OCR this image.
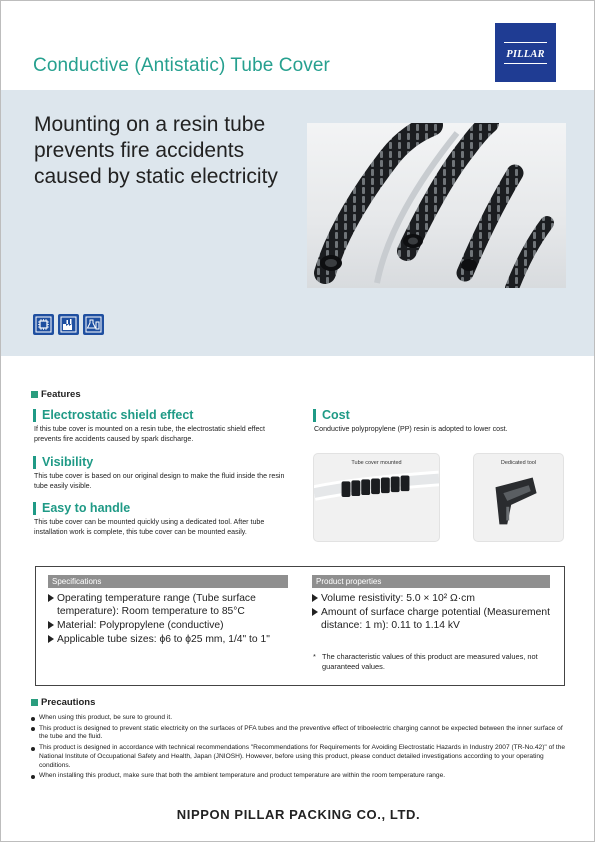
Conductive (Antistatic) Tube Cover
PILLAR
Mounting on a resin tube prevents fire accidents caused by static electricity
Features
Electrostatic shield effect
If this tube cover is mounted on a resin tube, the electrostatic shield effect prevents fire accidents caused by spark discharge.
Visibility
This tube cover is based on our original design to make the fluid inside the resin tube easily visible.
Easy to handle
This tube cover can be mounted quickly using a dedicated tool. After tube installation work is complete, this tube cover can be mounted easily.
Cost
Conductive polypropylene (PP) resin is adopted to lower cost.
Tube cover mounted	Dedicated tool
Specifications
Operating temperature range (Tube surface temperature): Room temperature to 85°C
Material: Polypropylene (conductive)
Applicable tube sizes: ϕ6 to ϕ25 mm, 1/4" to 1"
Product properties
Volume resistivity: 5.0 × 10² Ω·cm
Amount of surface charge potential (Measurement distance: 1 m): 0.11 to 1.14 kV
* The characteristic values of this product are measured values, not guaranteed values.
Precautions
When using this product, be sure to ground it.
This product is designed to prevent static electricity on the surfaces of PFA tubes and the preventive effect of triboelectric charging cannot be expected between the inner surface of the tube and the fluid.
This product is designed in accordance with technical recommendations "Recommendations for Requirements for Avoiding Electrostatic Hazards in Industry 2007 (TR-No.42)" of the National Institute of Occupational Safety and Health, Japan (JNIOSH). However, before using this product, please conduct detailed investigations according to your operating conditions.
When installing this product, make sure that both the ambient temperature and product temperature are within the room temperature range.
NIPPON PILLAR PACKING CO., LTD.
